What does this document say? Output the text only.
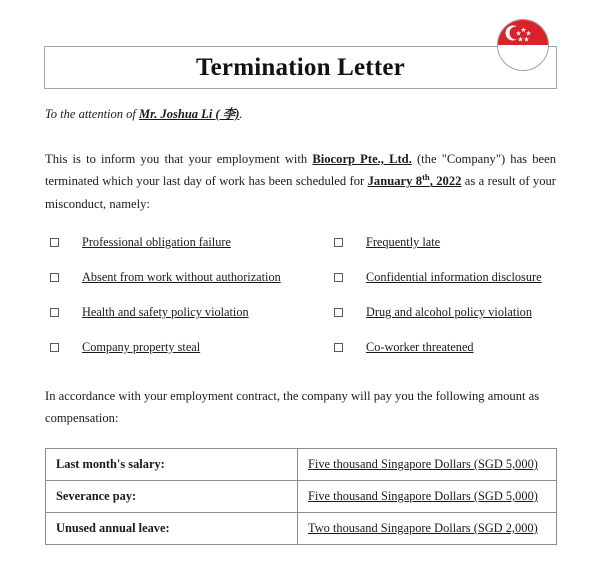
Termination Letter
To the attention of Mr. Joshua Li ( 李).
This is to inform you that your employment with Biocorp Pte., Ltd. (the "Company") has been terminated which your last day of work has been scheduled for January 8th, 2022 as a result of your misconduct, namely:
Professional obligation failure	Frequently late
Absent from work without authorization	Confidential information disclosure
Health and safety policy violation	Drug and alcohol policy violation
Company property steal	Co-worker threatened
In accordance with your employment contract, the company will pay you the following amount as compensation:
Last month's salary:	Five thousand Singapore Dollars (SGD 5,000)
Severance pay:	Five thousand Singapore Dollars (SGD 5,000)
Unused annual leave:	Two thousand Singapore Dollars (SGD 2,000)
